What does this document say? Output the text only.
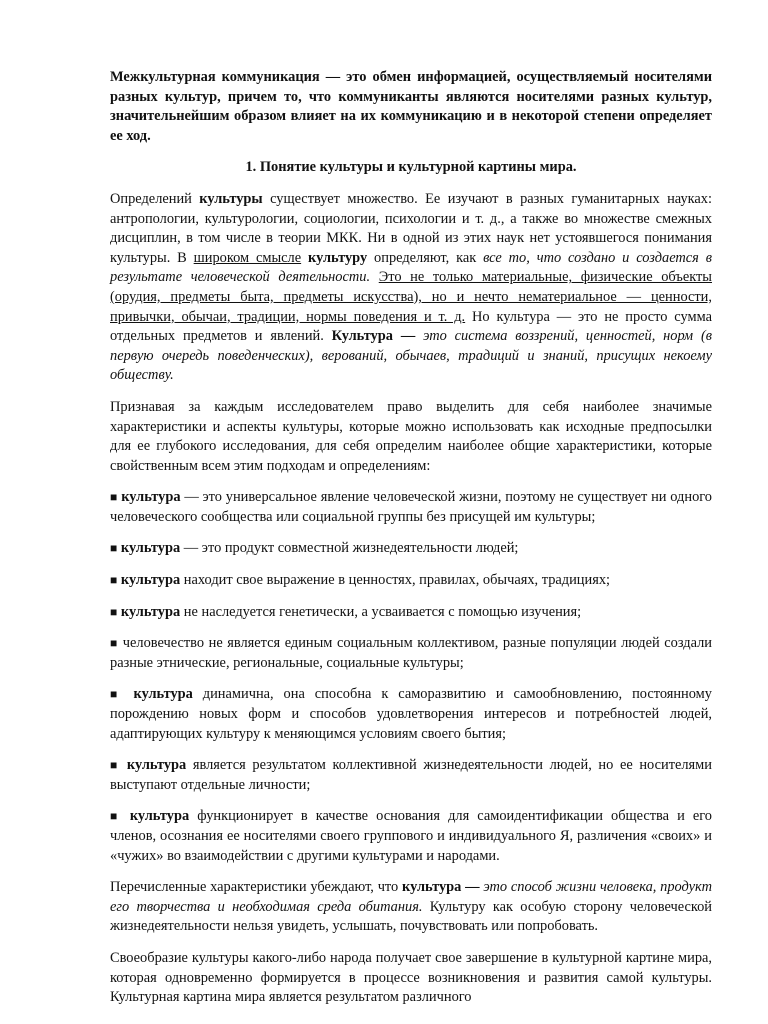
Межкультурная коммуникация — это обмен информацией, осуществляемый носителями разных культур, причем то, что коммуниканты являются носителями разных культур, значительнейшим образом влияет на их коммуникацию и в некоторой степени определяет ее ход.

1. Понятие культуры и культурной картины мира.

Определений культуры существует множество. Ее изучают в разных гуманитарных науках: антропологии, культурологии, социологии, психологии и т. д., а также во множестве смежных дисциплин, в том числе в теории МКК. Ни в одной из этих наук нет устоявшегося понимания культуры. В широком смысле культуру определяют, как все то, что создано и создается в результате человеческой деятельности. Это не только материальные, физические объекты (орудия, предметы быта, предметы искусства), но и нечто нематериальное — ценности, привычки, обычаи, традиции, нормы поведения и т. д. Но культура — это не просто сумма отдельных предметов и явлений. Культура — это система воззрений, ценностей, норм (в первую очередь поведенческих), верований, обычаев, традиций и знаний, присущих некоему обществу.

Признавая за каждым исследователем право выделить для себя наиболее значимые характеристики и аспекты культуры, которые можно использовать как исходные предпосылки для ее глубокого исследования, для себя определим наиболее общие характеристики, которые свойственным всем этим подходам и определениям:

■ культура — это универсальное явление человеческой жизни, поэтому не существует ни одного человеческого сообщества или социальной группы без присущей им культуры;

■ культура — это продукт совместной жизнедеятельности людей;

■ культура находит свое выражение в ценностях, правилах, обычаях, традициях;

■ культура не наследуется генетически, а усваивается с помощью изучения;

■ человечество не является единым социальным коллективом, разные популяции людей создали разные этнические, региональные, социальные культуры;

■ культура динамична, она способна к саморазвитию и самообновлению, постоянному порождению новых форм и способов удовлетворения интересов и потребностей людей, адаптирующих культуру к меняющимся условиям своего бытия;

■ культура является результатом коллективной жизнедеятельности людей, но ее носителями выступают отдельные личности;

■ культура функционирует в качестве основания для самоидентификации общества и его членов, осознания ее носителями своего группового и индивидуального Я, различения «своих» и «чужих» во взаимодействии с другими культурами и народами.

Перечисленные характеристики убеждают, что культура — это способ жизни человека, продукт его творчества и необходимая среда обитания. Культуру как особую сторону человеческой жизнедеятельности нельзя увидеть, услышать, почувствовать или попробовать.

Своеобразие культуры какого-либо народа получает свое завершение в культурной картине мира, которая одновременно формируется в процессе возникновения и развития самой культуры. Культурная картина мира является результатом различного
